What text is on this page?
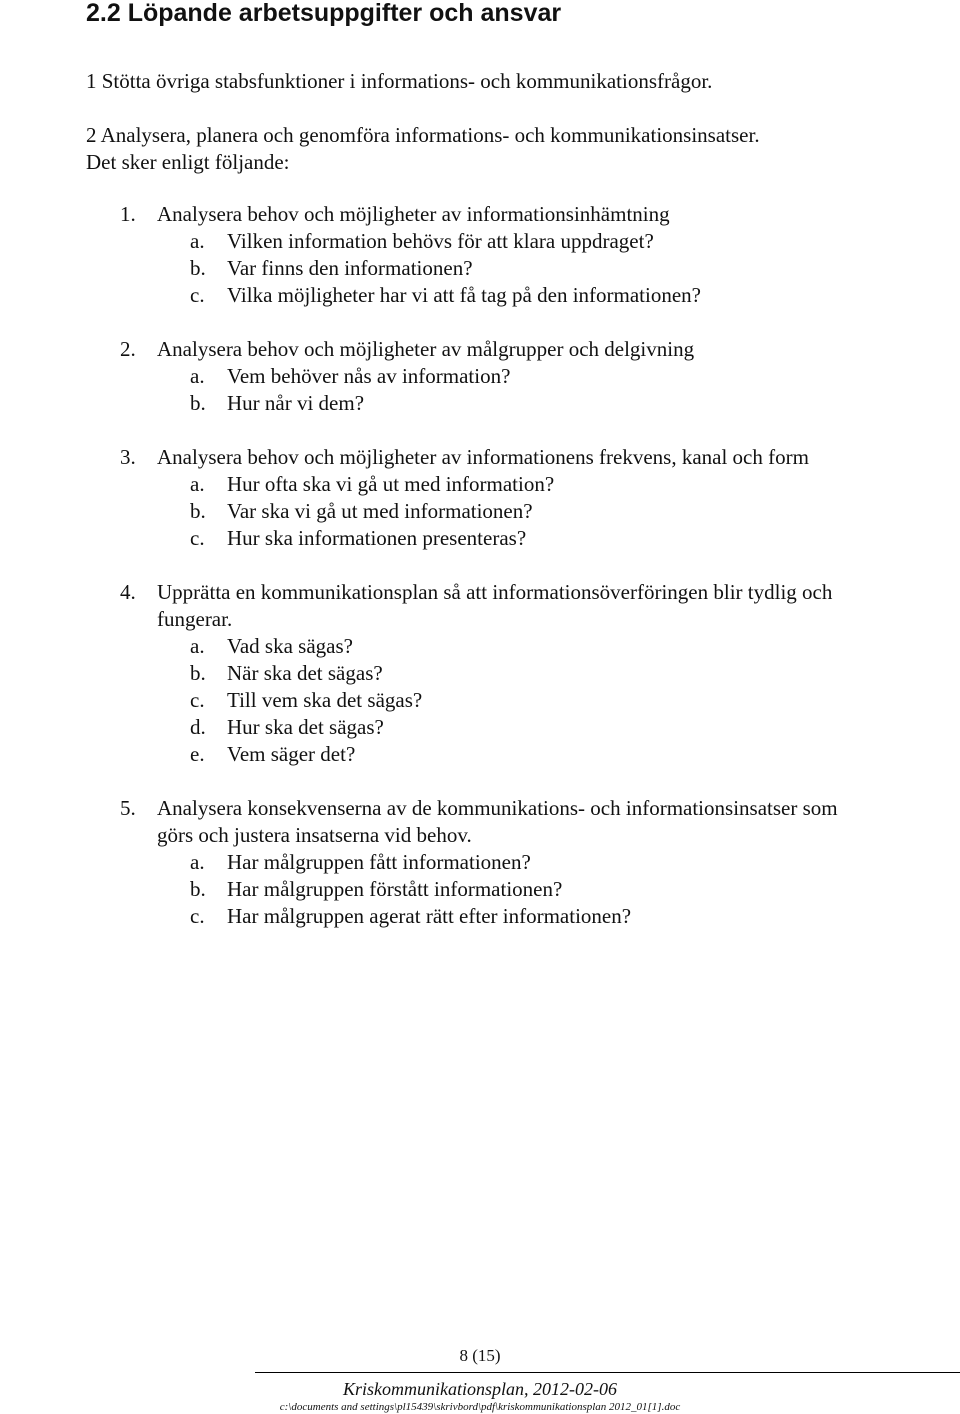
2.2 Löpande arbetsuppgifter och ansvar
1 Stötta övriga stabsfunktioner i informations- och kommunikationsfrågor.
2 Analysera, planera och genomföra informations- och kommunikationsinsatser.
Det sker enligt följande:
1. Analysera behov och möjligheter av informationsinhämtning
a. Vilken information behövs för att klara uppdraget?
b. Var finns den informationen?
c. Vilka möjligheter har vi att få tag på den informationen?
2. Analysera behov och möjligheter av målgrupper och delgivning
a. Vem behöver nås av information?
b. Hur når vi dem?
3. Analysera behov och möjligheter av informationens frekvens, kanal och form
a. Hur ofta ska vi gå ut med information?
b. Var ska vi gå ut med informationen?
c. Hur ska informationen presenteras?
4. Upprätta en kommunikationsplan så att informationsöverföringen blir tydlig och fungerar.
a. Vad ska sägas?
b. När ska det sägas?
c. Till vem ska det sägas?
d. Hur ska det sägas?
e. Vem säger det?
5. Analysera konsekvenserna av de kommunikations- och informationsinsatser som görs och justera insatserna vid behov.
a. Har målgruppen fått informationen?
b. Har målgruppen förstått informationen?
c. Har målgruppen agerat rätt efter informationen?
8 (15)
Kriskommunikationsplan, 2012-02-06
c:\documents and settings\pl15439\skrivbord\pdf\kriskommunikationsplan 2012_01[1].doc
